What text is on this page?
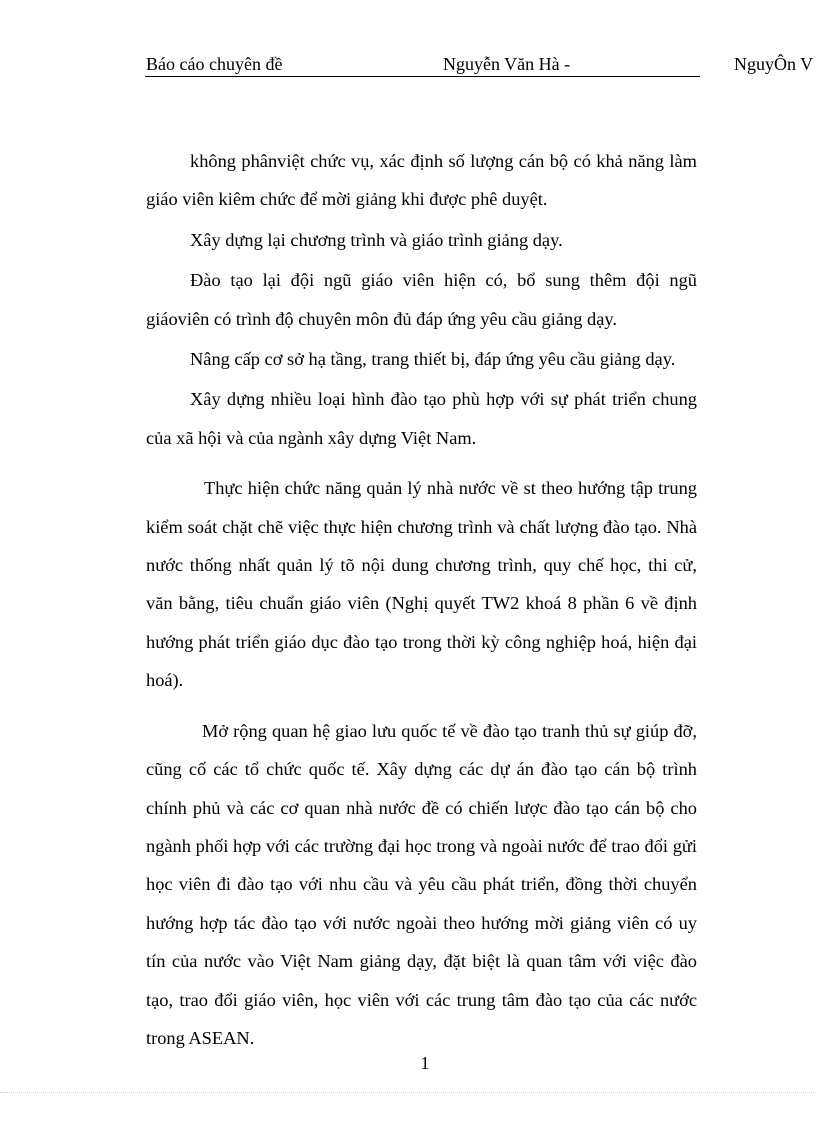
Báo cáo chuyên đề	Nguyễn Văn Hà -	NguyÔn V

không phânviệt chức vụ, xác định số lượng cán bộ có khả năng làm giáo viên kiêm chức để mời giảng khi được phê duyệt.

Xây dựng lại chương trình và giáo trình giảng dạy.

Đào tạo lại đội ngũ giáo viên hiện có, bổ sung thêm đội ngũ giáoviên có trình độ chuyên môn đủ đáp ứng yêu cầu giảng dạy.

Nâng cấp cơ sở hạ tầng, trang thiết bị, đáp ứng yêu cầu giảng dạy.

Xây dựng nhiều loại hình đào tạo phù hợp với sự phát triển chung của xã hội và của ngành xây dựng Việt Nam.

Thực hiện chức năng quản lý nhà nước về st theo hướng tập trung kiểm soát chặt chẽ việc thực hiện chương trình và chất lượng đào tạo. Nhà nước thống nhất quản lý tõ nội dung chương trình, quy chế học, thi cử, văn bằng, tiêu chuẩn giáo viên (Nghị quyết TW2 khoá 8 phần 6 về định hướng phát triển giáo dục đào tạo trong thời kỳ công nghiệp hoá, hiện đại hoá).

Mở rộng quan hệ giao lưu quốc tế về đào tạo tranh thủ sự giúp đỡ, cũng cố các tổ chức quốc tế. Xây dựng các dự án đào tạo cán bộ trình chính phủ và các cơ quan nhà nước đề có chiến lược đào tạo cán bộ cho ngành phối hợp với các trường đại học trong và ngoài nước để trao đổi gửi học viên đi đào tạo với nhu cầu và yêu cầu phát triển, đồng thời chuyển hướng hợp tác đào tạo với nước ngoài theo hướng mời giảng viên có uy tín của nước vào Việt Nam giảng dạy, đặt biệt là quan tâm với việc đào tạo, trao đổi giáo viên, học viên với các trung tâm đào tạo của các nước trong ASEAN.

1
